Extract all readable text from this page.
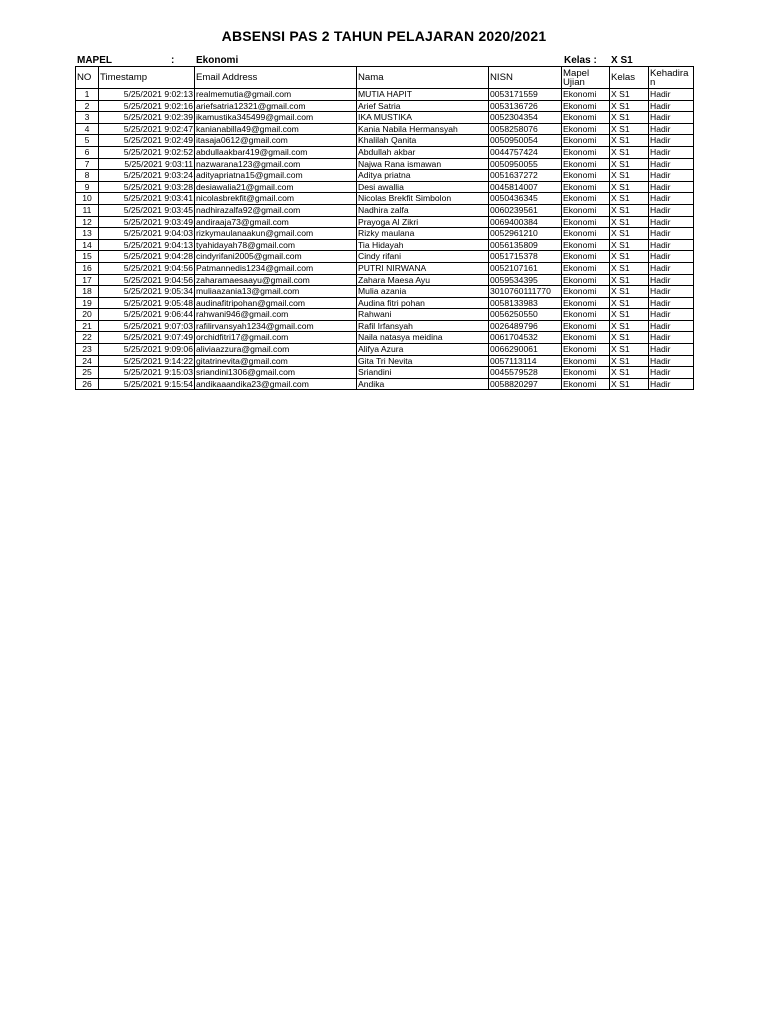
ABSENSI PAS 2 TAHUN PELAJARAN 2020/2021
MAPEL	: Ekonomi	Kelas : X S1
NO	Timestamp	Email Address	Nama	NISN	Mapel Ujian	Kelas	Kehadiran
1	5/25/2021 9:02:13	realmemutia@gmail.com	MUTIA HAPIT	0053171559	Ekonomi	X S1	Hadir
2	5/25/2021 9:02:16	ariefsatria12321@gmail.com	Arief Satria	0053136726	Ekonomi	X S1	Hadir
3	5/25/2021 9:02:39	ikamustika345499@gmail.com	IKA MUSTIKA	0052304354	Ekonomi	X S1	Hadir
4	5/25/2021 9:02:47	kanianabilla49@gmail.com	Kania Nabila Hermansyah	0058258076	Ekonomi	X S1	Hadir
5	5/25/2021 9:02:49	itasaja0612@gmail.com	Khalilah Qanita	0050950054	Ekonomi	X S1	Hadir
6	5/25/2021 9:02:52	abdullaakbar419@gmail.com	Abdullah akbar	0044757424	Ekonomi	X S1	Hadir
7	5/25/2021 9:03:11	nazwarana123@gmail.com	Najwa Rana ismawan	0050950055	Ekonomi	X S1	Hadir
8	5/25/2021 9:03:24	adityapriatna15@gmail.com	Aditya priatna	0051637272	Ekonomi	X S1	Hadir
9	5/25/2021 9:03:28	desiawalia21@gmail.com	Desi awallia	0045814007	Ekonomi	X S1	Hadir
10	5/25/2021 9:03:41	nicolasbrekfit@gmail.com	Nicolas Brekfit Simbolon	0050436345	Ekonomi	X S1	Hadir
11	5/25/2021 9:03:45	nadhirazalfa92@gmail.com	Nadhira zalfa	0060239561	Ekonomi	X S1	Hadir
12	5/25/2021 9:03:49	andiraaja73@gmail.com	Prayoga Al Zikri	0069400384	Ekonomi	X S1	Hadir
13	5/25/2021 9:04:03	rizkymaulanaakun@gmail.com	Rizky maulana	0052961210	Ekonomi	X S1	Hadir
14	5/25/2021 9:04:13	tyahidayah78@gmail.com	Tia Hidayah	0056135809	Ekonomi	X S1	Hadir
15	5/25/2021 9:04:28	cindyrifani2005@gmail.com	Cindy rifani	0051715378	Ekonomi	X S1	Hadir
16	5/25/2021 9:04:56	Patmannedis1234@gmail.com	PUTRI NIRWANA	0052107161	Ekonomi	X S1	Hadir
17	5/25/2021 9:04:56	zaharamaesaayu@gmail.com	Zahara Maesa Ayu	0059534395	Ekonomi	X S1	Hadir
18	5/25/2021 9:05:34	muliaazania13@gmail.com	Mulia azania	3010760111770	Ekonomi	X S1	Hadir
19	5/25/2021 9:05:48	audinafitripohan@gmail.com	Audina fitri pohan	0058133983	Ekonomi	X S1	Hadir
20	5/25/2021 9:06:44	rahwani946@gmail.com	Rahwani	0056250550	Ekonomi	X S1	Hadir
21	5/25/2021 9:07:03	rafilirvansyah1234@gmail.com	Rafil Irfansyah	0026489796	Ekonomi	X S1	Hadir
22	5/25/2021 9:07:49	orchidfitri17@gmail.com	Naila natasya meidina	0061704532	Ekonomi	X S1	Hadir
23	5/25/2021 9:09:06	aliviaazzura@gmail.com	Alifya Azura	0066290061	Ekonomi	X S1	Hadir
24	5/25/2021 9:14:22	gitatrinevita@gmail.com	Gita Tri Nevita	0057113114	Ekonomi	X S1	Hadir
25	5/25/2021 9:15:03	sriandini1306@gmail.com	Sriandini	0045579528	Ekonomi	X S1	Hadir
26	5/25/2021 9:15:54	andikaaandika23@gmail.com	Andika	0058820297	Ekonomi	X S1	Hadir
